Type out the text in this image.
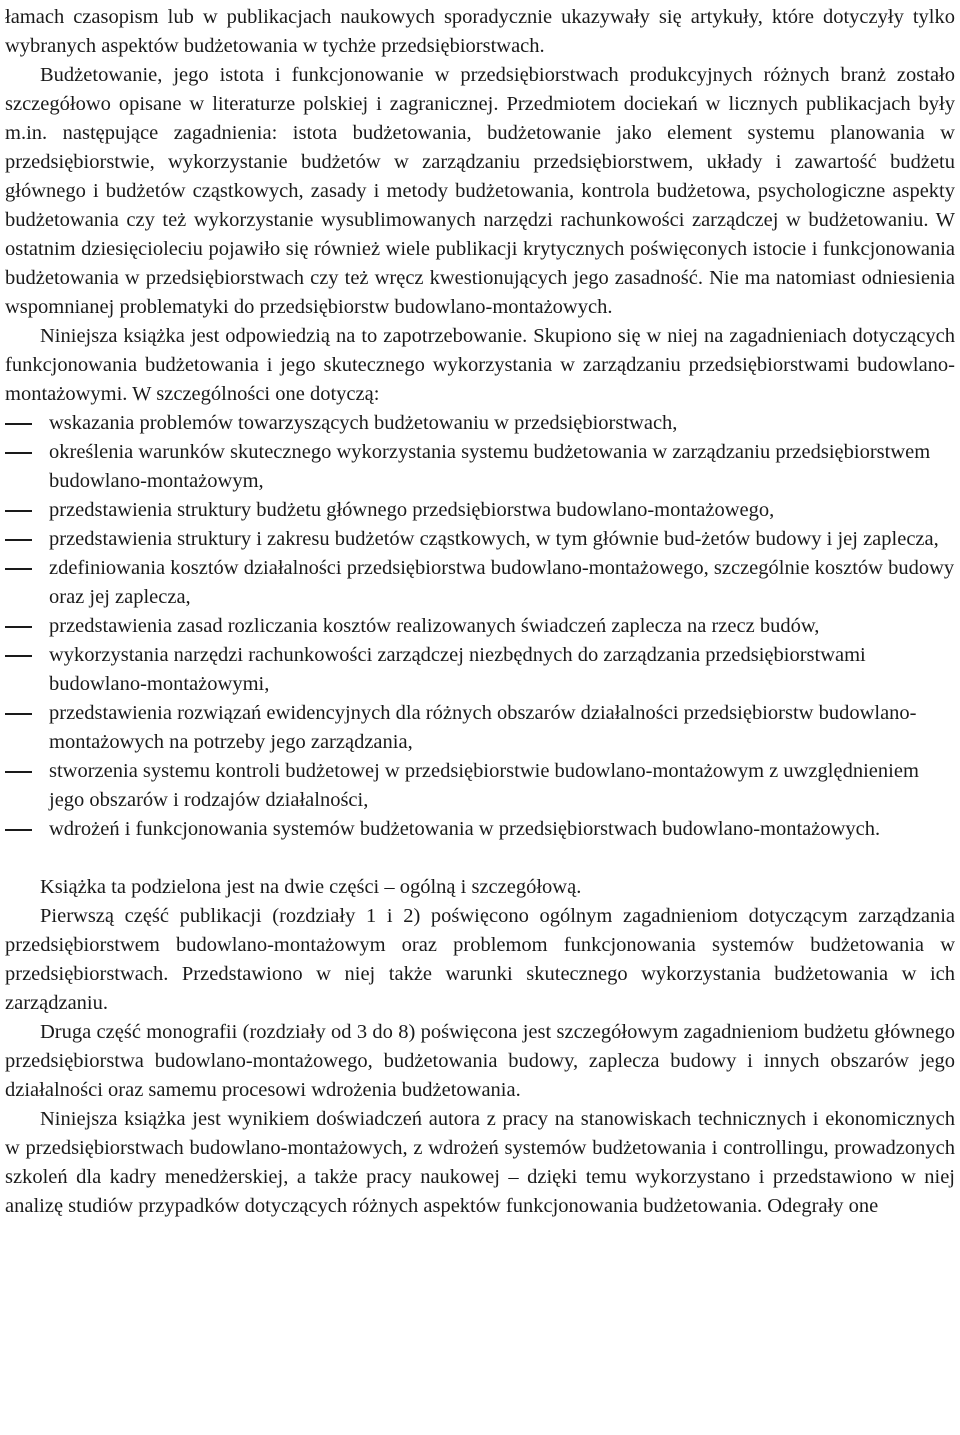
łamach czasopism lub w publikacjach naukowych sporadycznie ukazywały się artykuły, które dotyczyły tylko wybranych aspektów budżetowania w tychże przedsiębiorstwach.

Budżetowanie, jego istota i funkcjonowanie w przedsiębiorstwach produkcyjnych różnych branż zostało szczegółowo opisane w literaturze polskiej i zagranicznej. Przedmiotem dociekań w licznych publikacjach były m.in. następujące zagadnienia: istota budżetowania, budżetowanie jako element systemu planowania w przedsiębiorstwie, wykorzystanie budżetów w zarządzaniu przedsiębiorstwem, układy i zawartość budżetu głównego i budżetów cząstkowych, zasady i metody budżetowania, kontrola budżetowa, psychologiczne aspekty budżetowania czy też wykorzystanie wysublimowanych narzędzi rachunkowości zarządczej w budżetowaniu. W ostatnim dziesięcioleciu pojawiło się również wiele publikacji krytycznych poświęconych istocie i funkcjonowania budżetowania w przedsiębiorstwach czy też wręcz kwestionujących jego zasadność. Nie ma natomiast odniesienia wspomnianej problematyki do przedsiębiorstw budowlano-montażowych.

Niniejsza książka jest odpowiedzią na to zapotrzebowanie. Skupiono się w niej na zagadnieniach dotyczących funkcjonowania budżetowania i jego skutecznego wykorzystania w zarządzaniu przedsiębiorstwami budowlano-montażowymi. W szczególności one dotyczą:

wskazania problemów towarzyszących budżetowaniu w przedsiębiorstwach,
określenia warunków skutecznego wykorzystania systemu budżetowania w zarządzaniu przedsiębiorstwem budowlano-montażowym,
przedstawienia struktury budżetu głównego przedsiębiorstwa budowlano-montażowego,
przedstawienia struktury i zakresu budżetów cząstkowych, w tym głównie bud-żetów budowy i jej zaplecza,
zdefiniowania kosztów działalności przedsiębiorstwa budowlano-montażowego, szczególnie kosztów budowy oraz jej zaplecza,
przedstawienia zasad rozliczania kosztów realizowanych świadczeń zaplecza na rzecz budów,
wykorzystania narzędzi rachunkowości zarządczej niezbędnych do zarządzania przedsiębiorstwami budowlano-montażowymi,
przedstawienia rozwiązań ewidencyjnych dla różnych obszarów działalności przedsiębiorstw budowlano-montażowych na potrzeby jego zarządzania,
stworzenia systemu kontroli budżetowej w przedsiębiorstwie budowlano-montażowym z uwzględnieniem jego obszarów i rodzajów działalności,
wdrożeń i funkcjonowania systemów budżetowania w przedsiębiorstwach budowlano-montażowych.

Książka ta podzielona jest na dwie części – ogólną i szczegółową.

Pierwszą część publikacji (rozdziały 1 i 2) poświęcono ogólnym zagadnieniom dotyczącym zarządzania przedsiębiorstwem budowlano-montażowym oraz problemom funkcjonowania systemów budżetowania w przedsiębiorstwach. Przedstawiono w niej także warunki skutecznego wykorzystania budżetowania w ich zarządzaniu.

Druga część monografii (rozdziały od 3 do 8) poświęcona jest szczegółowym zagadnieniom budżetu głównego przedsiębiorstwa budowlano-montażowego, budżetowania budowy, zaplecza budowy i innych obszarów jego działalności oraz samemu procesowi wdrożenia budżetowania.

Niniejsza książka jest wynikiem doświadczeń autora z pracy na stanowiskach technicznych i ekonomicznych w przedsiębiorstwach budowlano-montażowych, z wdrożeń systemów budżetowania i controllingu, prowadzonych szkoleń dla kadry menedżerskiej, a także pracy naukowej – dzięki temu wykorzystano i przedstawiono w niej analizę studiów przypadków dotyczących różnych aspektów funkcjonowania budżetowania. Odegrały one
